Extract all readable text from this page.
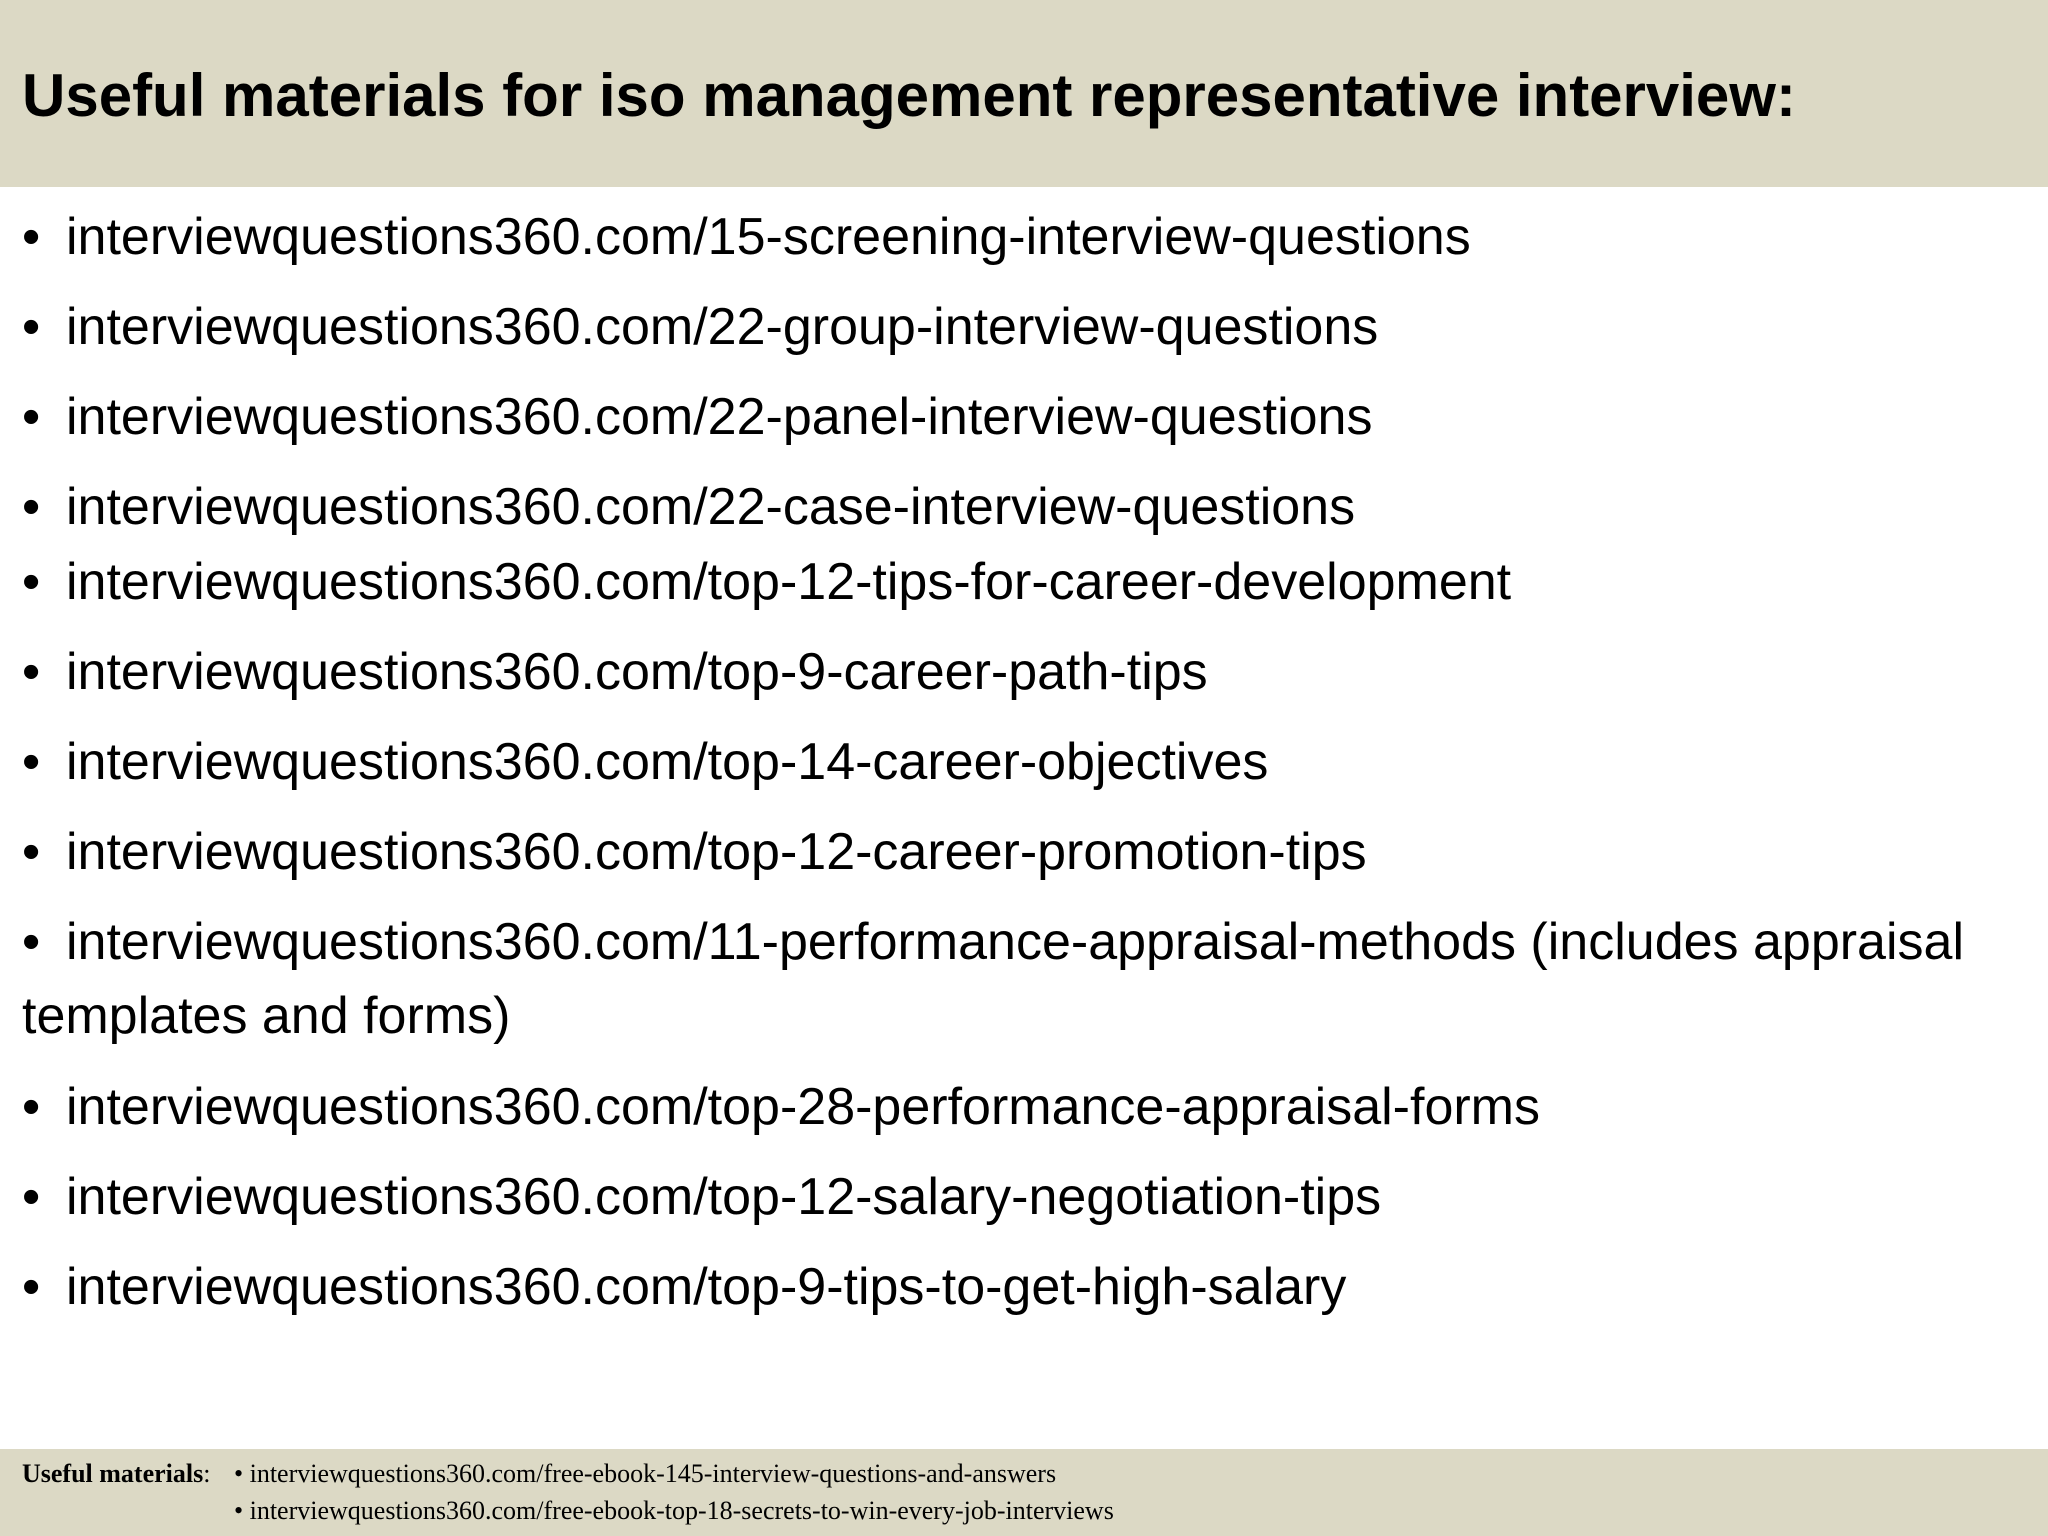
Useful materials for iso management representative interview:
• interviewquestions360.com/15-screening-interview-questions
• interviewquestions360.com/22-group-interview-questions
• interviewquestions360.com/22-panel-interview-questions
• interviewquestions360.com/22-case-interview-questions
• interviewquestions360.com/top-12-tips-for-career-development
• interviewquestions360.com/top-9-career-path-tips
• interviewquestions360.com/top-14-career-objectives
• interviewquestions360.com/top-12-career-promotion-tips
• interviewquestions360.com/11-performance-appraisal-methods (includes appraisal templates and forms)
• interviewquestions360.com/top-28-performance-appraisal-forms
• interviewquestions360.com/top-12-salary-negotiation-tips
• interviewquestions360.com/top-9-tips-to-get-high-salary
Useful materials: • interviewquestions360.com/free-ebook-145-interview-questions-and-answers
• interviewquestions360.com/free-ebook-top-18-secrets-to-win-every-job-interviews
